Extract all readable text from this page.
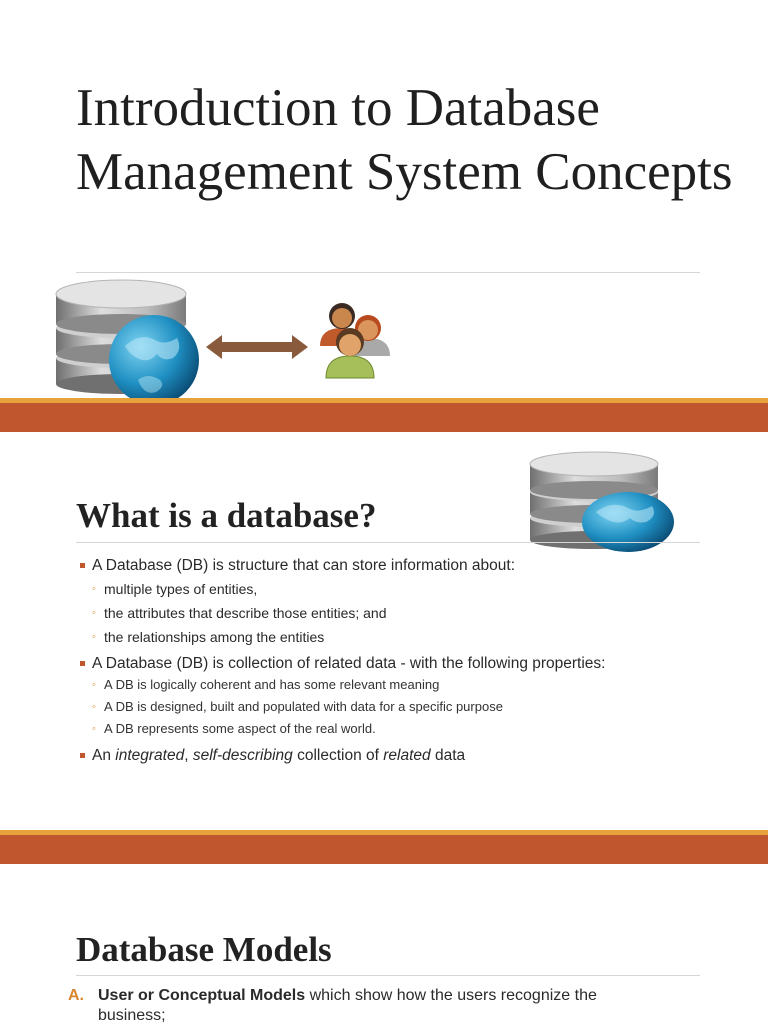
Introduction to Database Management System Concepts
What is a database?
A Database (DB) is structure that can store information about:
◦ multiple types of entities,
◦ the attributes that describe those entities; and
◦ the relationships among the entities
A Database (DB) is collection of related data - with the following properties:
◦ A DB is logically coherent and has some relevant meaning
◦ A DB is designed, built and populated with data for a specific purpose
◦ A DB represents some aspect of the real world.
An integrated, self-describing collection of related data
Database Models
A. User or Conceptual Models which show how the users recognize the business;
